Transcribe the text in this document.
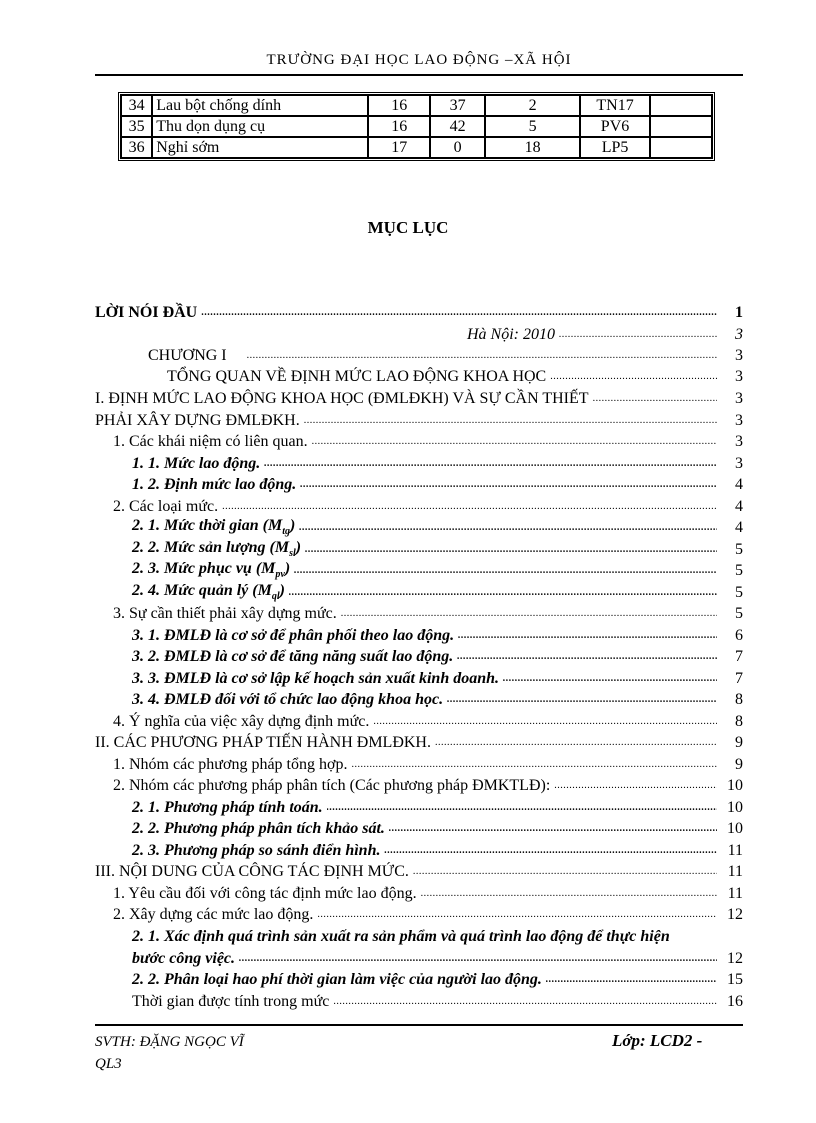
TRƯỜNG ĐẠI HỌC LAO ĐỘNG –XÃ HỘI
34	Lau bột chống dính	16	37	2	TN17	
35	Thu dọn dụng cụ	16	42	5	PV6	
36	Nghỉ sớm	17	0	18	LP5	
MỤC LỤC
LỜI NÓI ĐẦU .....	1
Hà Nội: 2010 .....	3
CHƯƠNG I .....	3
TỔNG QUAN VỀ ĐỊNH MỨC LAO ĐỘNG KHOA HỌC .....	3
I. ĐỊNH MỨC LAO ĐỘNG KHOA HỌC (ĐMLĐKH) VÀ SỰ CẦN THIẾT .....	3
PHẢI XÂY DỰNG ĐMLĐKH. .....	3
1. Các khái niệm có liên quan. .....	3
1. 1. Mức lao động. .....	3
1. 2. Định mức lao động. .....	4
2. Các loại mức. .....	4
2. 1. Mức thời gian $(M_{tg})$ .....	4
2. 2. Mức sản lượng $(M_{sl})$ .....	5
2. 3. Mức phục vụ $(M_{pv})$ .....	5
2. 4. Mức quản lý $(M_{ql})$ .....	5
3. Sự cần thiết phải xây dựng mức. .....	5
3. 1. ĐMLĐ là cơ sở để phân phối theo lao động. .....	6
3. 2. ĐMLĐ là cơ sở để tăng năng suất lao động. .....	7
3. 3. ĐMLĐ là cơ sở lập kế hoạch sản xuất kinh doanh. .....	7
3. 4. ĐMLĐ đối với tổ chức lao động khoa học. .....	8
4. Ý nghĩa của việc xây dựng định mức. .....	8
II. CÁC PHƯƠNG PHÁP TIẾN HÀNH ĐMLĐKH. .....	9
1. Nhóm các phương pháp tổng hợp. .....	9
2. Nhóm các phương pháp phân tích (Các phương pháp ĐMKTLĐ): .....	10
2. 1. Phương pháp tính toán. .....	10
2. 2. Phương pháp phân tích khảo sát. .....	10
2. 3. Phương pháp so sánh điển hình. .....	11
III. NỘI DUNG CỦA CÔNG TÁC ĐỊNH MỨC. .....	11
1. Yêu cầu đối với công tác định mức lao động. .....	11
2. Xây dựng các mức lao động. .....	12
2. 1. Xác định quá trình sản xuất ra sản phẩm và quá trình lao động để thực hiện
bước công việc. .....	12
2. 2. Phân loại hao phí thời gian làm việc của người lao động. .....	15
Thời gian được tính trong mức .....	16
SVTH: ĐẶNG NGỌC VĨ
QL3
Lớp: LCD2 -
